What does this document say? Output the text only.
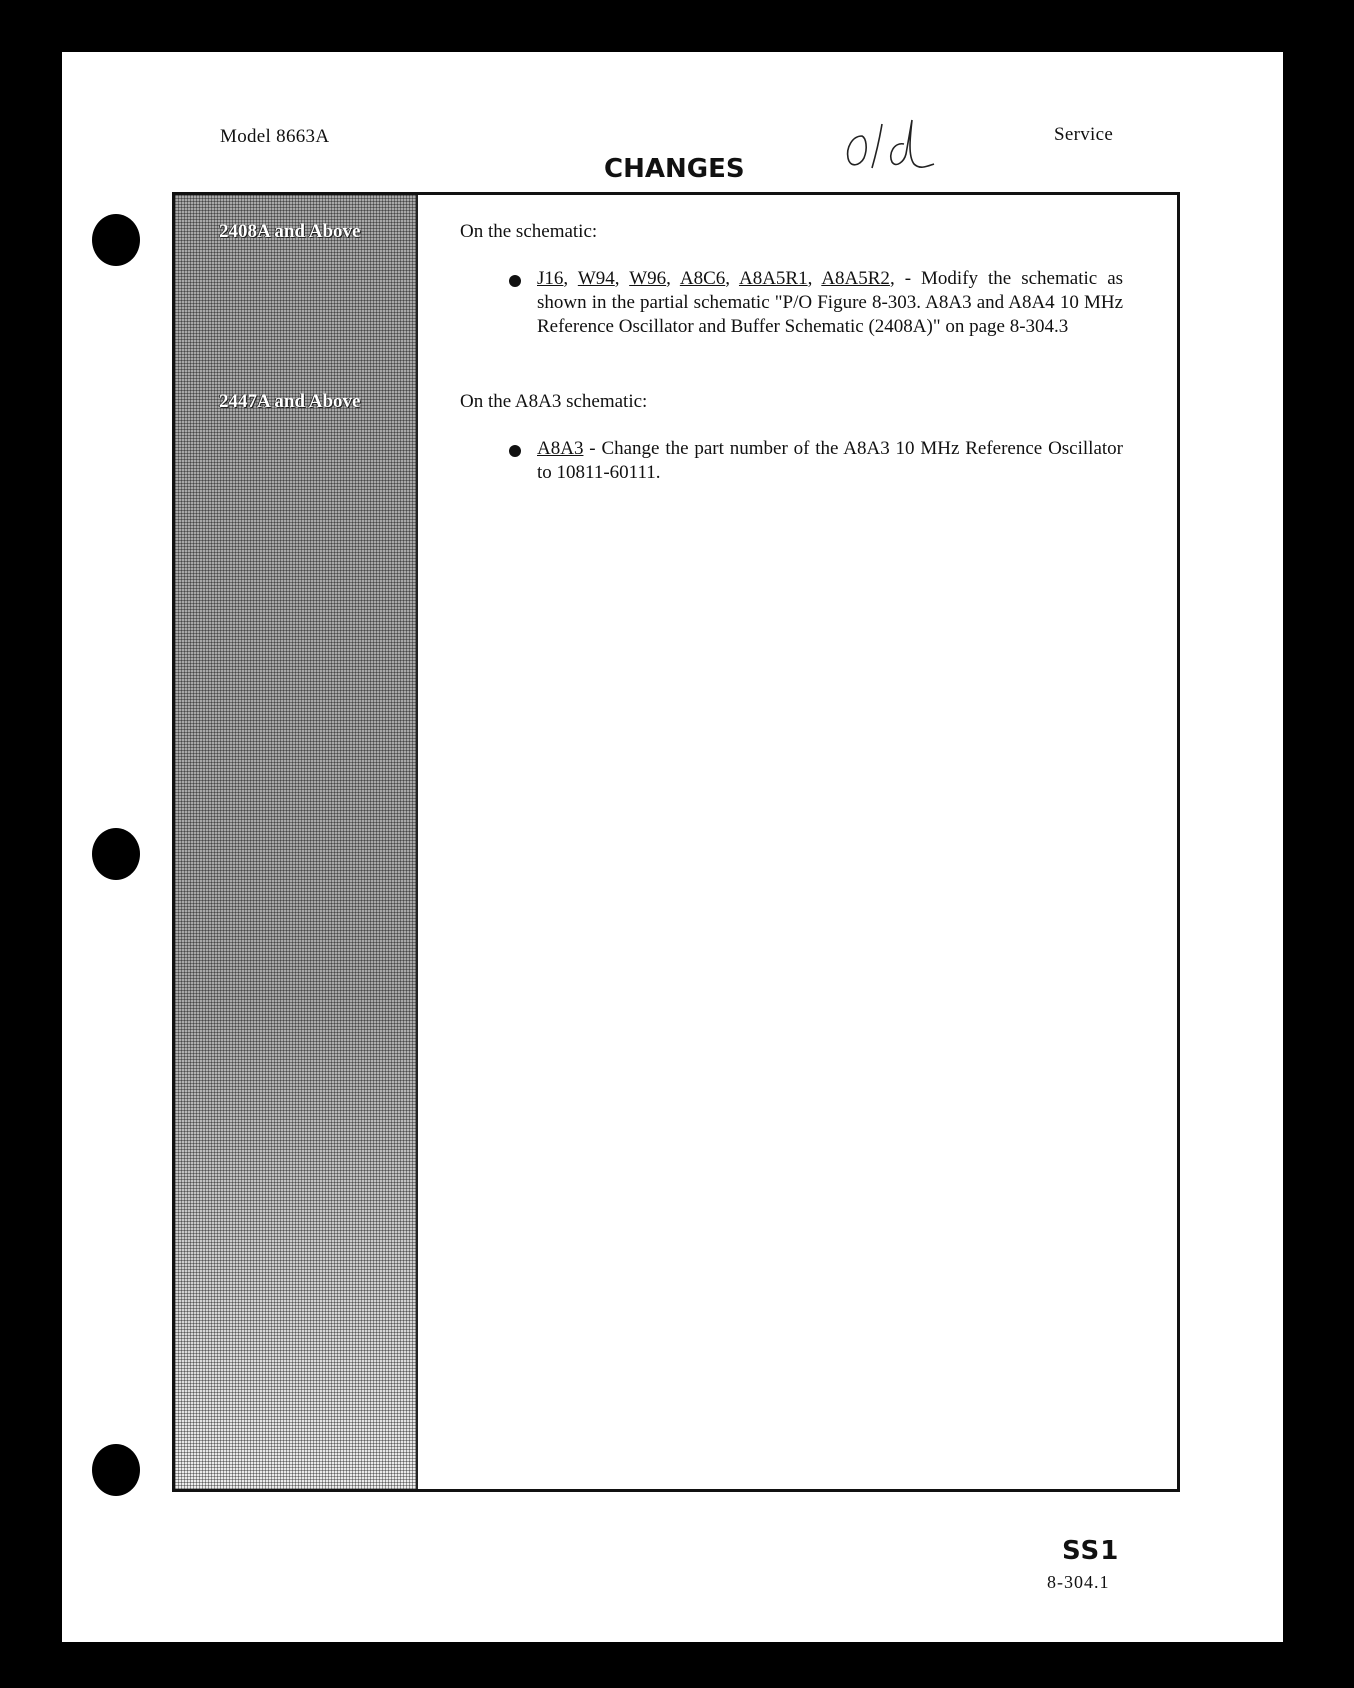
Model 8663A	Service
CHANGES
2408A and Above
2447A and Above
On the schematic:
J16, W94, W96, A8C6, A8A5R1, A8A5R2, - Modify the schematic as shown in the partial schematic "P/O Figure 8-303. A8A3 and A8A4 10 MHz Reference Oscillator and Buffer Schematic (2408A)" on page 8-304.3
On the A8A3 schematic:
A8A3 - Change the part number of the A8A3 10 MHz Reference Oscillator to 10811-60111.
SS1
8-304.1
